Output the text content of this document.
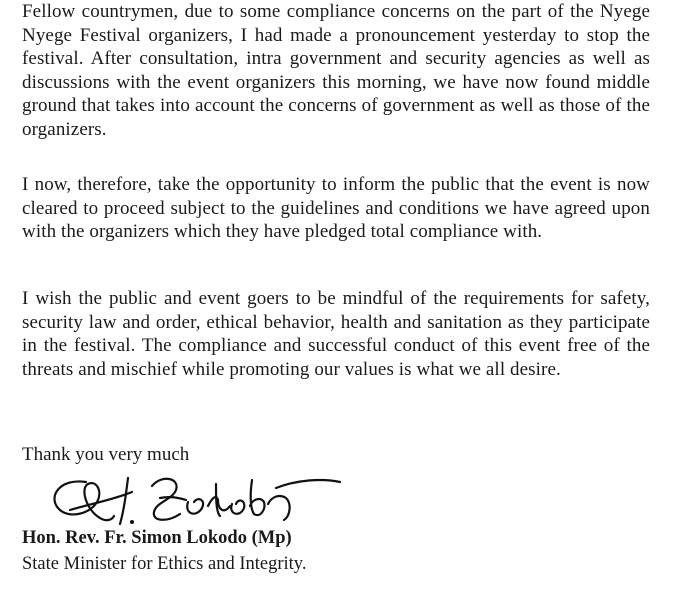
Fellow countrymen, due to some compliance concerns on the part of the Nyege Nyege Festival organizers, I had made a pronouncement yesterday to stop the festival. After consultation, intra government and security agencies as well as discussions with the event organizers this morning, we have now found middle ground that takes into account the concerns of government as well as those of the organizers.

I now, therefore, take the opportunity to inform the public that the event is now cleared to proceed subject to the guidelines and conditions we have agreed upon with the organizers which they have pledged total compliance with.

I wish the public and event goers to be mindful of the requirements for safety, security law and order, ethical behavior, health and sanitation as they participate in the festival. The compliance and successful conduct of this event free of the threats and mischief while promoting our values is what we all desire.

Thank you very much

Hon. Rev. Fr. Simon Lokodo (Mp)

State Minister for Ethics and Integrity.
